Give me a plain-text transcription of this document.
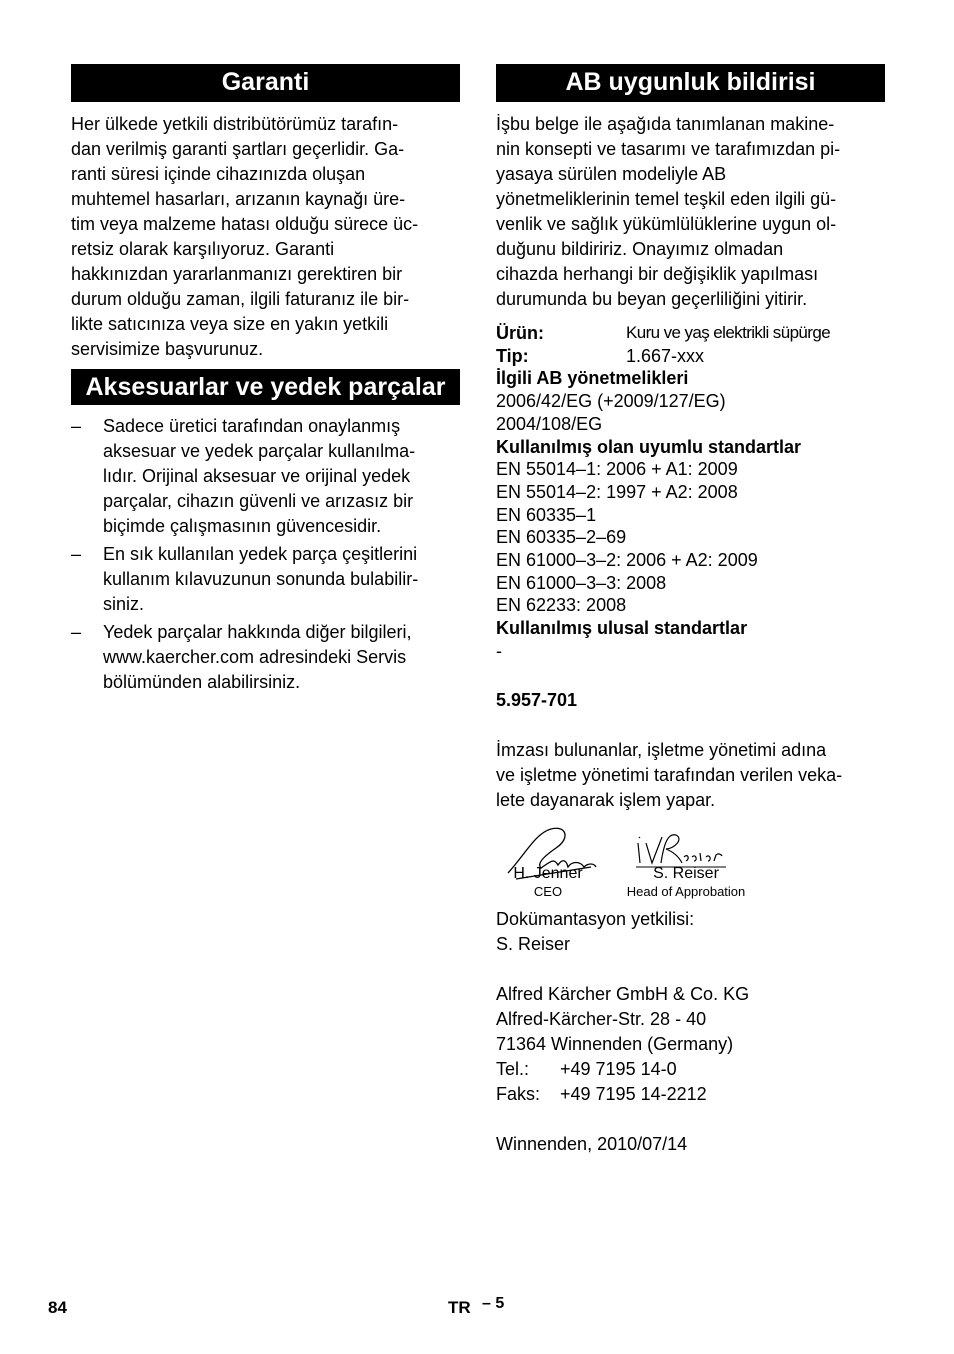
Garanti

Her ülkede yetkili distribütörümüz tarafın-
dan verilmiş garanti şartları geçerlidir. Ga-
ranti süresi içinde cihazınızda oluşan
muhtemel hasarları, arızanın kaynağı üre-
tim veya malzeme hatası olduğu sürece üc-
retsiz olarak karşılıyoruz. Garanti
hakkınızdan yararlanmanızı gerektiren bir
durum olduğu zaman, ilgili faturanız ile bir-
likte satıcınıza veya size en yakın yetkili
servisimize başvurunuz.

Aksesuarlar ve yedek parçalar
– Sadece üretici tarafından onaylanmış
aksesuar ve yedek parçalar kullanılma-
lıdır. Orijinal aksesuar ve orijinal yedek
parçalar, cihazın güvenli ve arızasız bir
biçimde çalışmasının güvencesidir.
– En sık kullanılan yedek parça çeşitlerini
kullanım kılavuzunun sonunda bulabilir-
siniz.
– Yedek parçalar hakkında diğer bilgileri,
www.kaercher.com adresindeki Servis
bölümünden alabilirsiniz.
AB uygunluk bildirisi

İşbu belge ile aşağıda tanımlanan makine-
nin konsepti ve tasarımı ve tarafımızdan pi-
yasaya sürülen modeliyle AB
yönetmeliklerinin temel teşkil eden ilgili gü-
venlik ve sağlık yükümlülüklerine uygun ol-
duğunu bildiririz. Onayımız olmadan
cihazda herhangi bir değişiklik yapılması
durumunda bu beyan geçerliliğini yitirir.

Ürün:	Kuru ve yaş elektrikli süpürge
Tip:	1.667-xxx
İlgili AB yönetmelikleri
2006/42/EG (+2009/127/EG)
2004/108/EG
Kullanılmış olan uyumlu standartlar
EN 55014–1: 2006 + A1: 2009
EN 55014–2: 1997 + A2: 2008
EN 60335–1
EN 60335–2–69
EN 61000–3–2: 2006 + A2: 2009
EN 61000–3–3: 2008
EN 62233: 2008
Kullanılmış ulusal standartlar
-
5.957-701

İmzası bulunanlar, işletme yönetimi adına
ve işletme yönetimi tarafından verilen veka-
lete dayanarak işlem yapar.

H. Jenner
CEO
S. Reiser
Head of Approbation
Dokümantasyon yetkilisi:
S. Reiser
Alfred Kärcher GmbH & Co. KG
Alfred-Kärcher-Str. 28 - 40
71364 Winnenden (Germany)
Tel.:	+49 7195 14-0
Faks:	+49 7195 14-2212
Winnenden, 2010/07/14
84	TR – 5
